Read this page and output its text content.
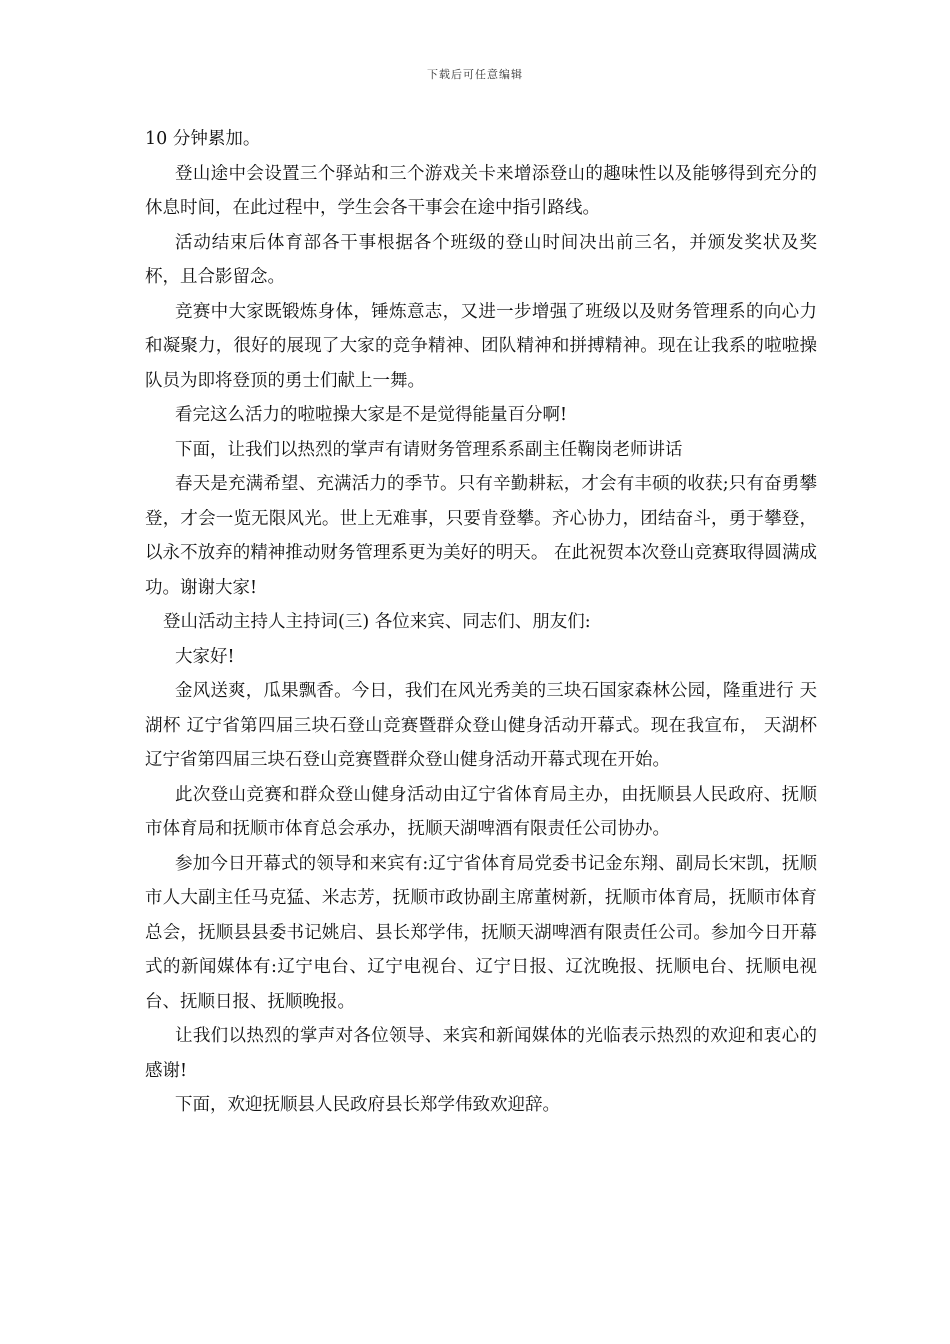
下载后可任意编辑

10 分钟累加。

登山途中会设置三个驿站和三个游戏关卡来增添登山的趣味性以及能够得到充分的休息时间，在此过程中，学生会各干事会在途中指引路线。

活动结束后体育部各干事根据各个班级的登山时间决出前三名，并颁发奖状及奖杯，且合影留念。

竞赛中大家既锻炼身体，锤炼意志，又进一步增强了班级以及财务管理系的向心力和凝聚力，很好的展现了大家的竞争精神、团队精神和拼搏精神。现在让我系的啦啦操队员为即将登顶的勇士们献上一舞。

看完这么活力的啦啦操大家是不是觉得能量百分啊!

下面，让我们以热烈的掌声有请财务管理系系副主任鞠岗老师讲话

春天是充满希望、充满活力的季节。只有辛勤耕耘，才会有丰硕的收获;只有奋勇攀登，才会一览无限风光。世上无难事，只要肯登攀。齐心协力，团结奋斗，勇于攀登，以永不放弃的精神推动财务管理系更为美好的明天。 在此祝贺本次登山竞赛取得圆满成功。谢谢大家!

登山活动主持人主持词(三) 各位来宾、同志们、朋友们:

大家好!

金风送爽，瓜果飘香。今日，我们在风光秀美的三块石国家森林公园，隆重进行 天湖杯 辽宁省第四届三块石登山竞赛暨群众登山健身活动开幕式。现在我宣布， 天湖杯 辽宁省第四届三块石登山竞赛暨群众登山健身活动开幕式现在开始。

此次登山竞赛和群众登山健身活动由辽宁省体育局主办，由抚顺县人民政府、抚顺市体育局和抚顺市体育总会承办，抚顺天湖啤酒有限责任公司协办。

参加今日开幕式的领导和来宾有:辽宁省体育局党委书记金东翔、副局长宋凯，抚顺市人大副主任马克猛、米志芳，抚顺市政协副主席董树新，抚顺市体育局，抚顺市体育总会，抚顺县县委书记姚启、县长郑学伟，抚顺天湖啤酒有限责任公司。参加今日开幕式的新闻媒体有:辽宁电台、辽宁电视台、辽宁日报、辽沈晚报、抚顺电台、抚顺电视台、抚顺日报、抚顺晚报。

让我们以热烈的掌声对各位领导、来宾和新闻媒体的光临表示热烈的欢迎和衷心的感谢!

下面，欢迎抚顺县人民政府县长郑学伟致欢迎辞。
